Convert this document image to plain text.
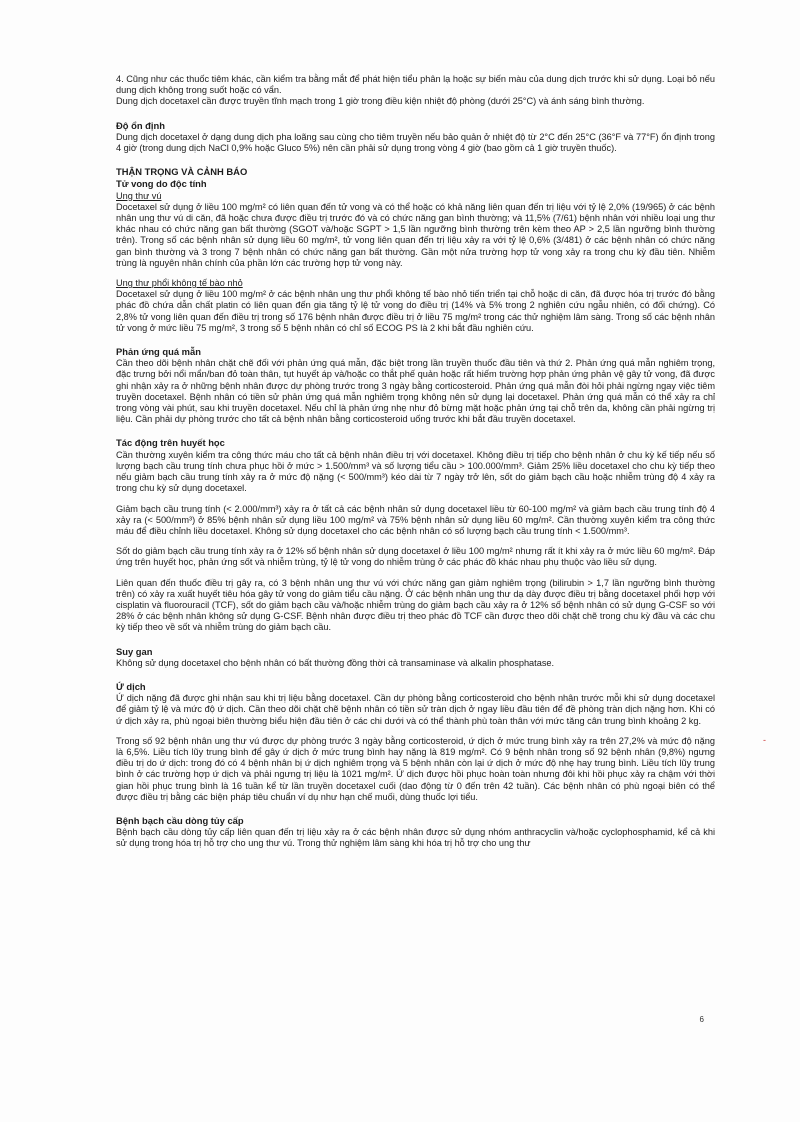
4. Cũng như các thuốc tiêm khác, cần kiểm tra bằng mắt để phát hiện tiểu phân lạ hoặc sự biến màu của dung dịch trước khi sử dụng. Loại bỏ nếu dung dịch không trong suốt hoặc có vẩn.

Dung dịch docetaxel cần được truyền tĩnh mạch trong 1 giờ trong điều kiện nhiệt độ phòng (dưới 25°C) và ánh sáng bình thường.

Độ ổn định

Dung dịch docetaxel ở dạng dung dịch pha loãng sau cùng cho tiêm truyền nếu bảo quản ở nhiệt độ từ 2°C đến 25°C (36°F và 77°F) ổn định trong 4 giờ (trong dung dịch NaCl 0,9% hoặc Gluco 5%) nên cần phải sử dụng trong vòng 4 giờ (bao gồm cả 1 giờ truyền thuốc).

THẬN TRỌNG VÀ CẢNH BÁO
Tử vong do độc tính
Ung thư vú

Docetaxel sử dụng ở liều 100 mg/m² có liên quan đến tử vong và có thể hoặc có khả năng liên quan đến trị liệu với tỷ lệ 2,0% (19/965) ở các bệnh nhân ung thư vú di căn, đã hoặc chưa được điều trị trước đó và có chức năng gan bình thường; và 11,5% (7/61) bệnh nhân với nhiều loại ung thư khác nhau có chức năng gan bất thường (SGOT và/hoặc SGPT > 1,5 lần ngưỡng bình thường trên kèm theo AP > 2,5 lần ngưỡng bình thường trên). Trong số các bệnh nhân sử dụng liều 60 mg/m², tử vong liên quan đến trị liệu xảy ra với tỷ lệ 0,6% (3/481) ở các bệnh nhân có chức năng gan bình thường và 3 trong 7 bệnh nhân có chức năng gan bất thường. Gần một nửa trường hợp tử vong xảy ra trong chu kỳ đầu tiên. Nhiễm trùng là nguyên nhân chính của phần lớn các trường hợp tử vong này.

Ung thư phổi không tế bào nhỏ

Docetaxel sử dụng ở liều 100 mg/m² ở các bệnh nhân ung thư phổi không tế bào nhỏ tiến triển tại chỗ hoặc di căn, đã được hóa trị trước đó bằng phác đồ chứa dẫn chất platin có liên quan đến gia tăng tỷ lệ tử vong do điều trị (14% và 5% trong 2 nghiên cứu ngẫu nhiên, có đối chứng). Có 2,8% tử vong liên quan đến điều trị trong số 176 bệnh nhân được điều trị ở liều 75 mg/m² trong các thử nghiệm lâm sàng. Trong số các bệnh nhân tử vong ở mức liều 75 mg/m², 3 trong số 5 bệnh nhân có chỉ số ECOG PS là 2 khi bắt đầu nghiên cứu.

Phản ứng quá mẫn

Cần theo dõi bệnh nhân chặt chẽ đối với phản ứng quá mẫn, đặc biệt trong lần truyền thuốc đầu tiên và thứ 2. Phản ứng quá mẫn nghiêm trọng, đặc trưng bởi nổi mẩn/ban đỏ toàn thân, tụt huyết áp và/hoặc co thắt phế quản hoặc rất hiếm trường hợp phản ứng phản vệ gây tử vong, đã được ghi nhận xảy ra ở những bệnh nhân được dự phòng trước trong 3 ngày bằng corticosteroid. Phản ứng quá mẫn đòi hỏi phải ngừng ngay việc tiêm truyền docetaxel. Bệnh nhân có tiền sử phản ứng quá mẫn nghiêm trọng không nên sử dụng lại docetaxel. Phản ứng quá mẫn có thể xảy ra chỉ trong vòng vài phút, sau khi truyền docetaxel. Nếu chỉ là phản ứng nhẹ như đỏ bừng mặt hoặc phản ứng tại chỗ trên da, không cần phải ngừng trị liệu. Cần phải dự phòng trước cho tất cả bệnh nhân bằng corticosteroid uống trước khi bắt đầu truyền docetaxel.

Tác động trên huyết học

Cần thường xuyên kiểm tra công thức máu cho tất cả bệnh nhân điều trị với docetaxel. Không điều trị tiếp cho bệnh nhân ở chu kỳ kế tiếp nếu số lượng bạch cầu trung tính chưa phục hồi ở mức > 1.500/mm³ và số lượng tiểu cầu > 100.000/mm³. Giảm 25% liều docetaxel cho chu kỳ tiếp theo nếu giảm bạch cầu trung tính xảy ra ở mức độ nặng (< 500/mm³) kéo dài từ 7 ngày trở lên, sốt do giảm bạch cầu hoặc nhiễm trùng độ 4 xảy ra trong chu kỳ sử dụng docetaxel.

Giảm bạch cầu trung tính (< 2.000/mm³) xảy ra ở tất cả các bệnh nhân sử dụng docetaxel liều từ 60-100 mg/m² và giảm bạch cầu trung tính độ 4 xảy ra (< 500/mm³) ở 85% bệnh nhân sử dụng liều 100 mg/m² và 75% bệnh nhân sử dụng liều 60 mg/m². Cần thường xuyên kiểm tra công thức máu để điều chỉnh liều docetaxel. Không sử dụng docetaxel cho các bệnh nhân có số lượng bạch cầu trung tính < 1.500/mm³.

Sốt do giảm bạch cầu trung tính xảy ra ở 12% số bệnh nhân sử dụng docetaxel ở liều 100 mg/m² nhưng rất ít khi xảy ra ở mức liều 60 mg/m². Đáp ứng trên huyết học, phản ứng sốt và nhiễm trùng, tỷ lệ tử vong do nhiễm trùng ở các phác đồ khác nhau phụ thuộc vào liều sử dụng.

Liên quan đến thuốc điều trị gây ra, có 3 bệnh nhân ung thư vú với chức năng gan giảm nghiêm trọng (bilirubin > 1,7 lần ngưỡng bình thường trên) có xảy ra xuất huyết tiêu hóa gây tử vong do giảm tiểu cầu nặng. Ở các bệnh nhân ung thư dạ dày được điều trị bằng docetaxel phối hợp với cisplatin và fluorouracil (TCF), sốt do giảm bạch cầu và/hoặc nhiễm trùng do giảm bạch cầu xảy ra ở 12% số bệnh nhân có sử dụng G-CSF so với 28% ở các bệnh nhân không sử dụng G-CSF. Bệnh nhân được điều trị theo phác đồ TCF cần được theo dõi chặt chẽ trong chu kỳ đầu và các chu kỳ tiếp theo về sốt và nhiễm trùng do giảm bạch cầu.

Suy gan

Không sử dụng docetaxel cho bệnh nhân có bất thường đồng thời cả transaminase và alkalin phosphatase.

Ứ dịch

Ứ dịch nặng đã được ghi nhận sau khi trị liệu bằng docetaxel. Cần dự phòng bằng corticosteroid cho bệnh nhân trước mỗi khi sử dụng docetaxel để giảm tỷ lệ và mức độ ứ dịch. Cần theo dõi chặt chẽ bệnh nhân có tiền sử tràn dịch ở ngay liều đầu tiên để đề phòng tràn dịch nặng hơn. Khi có ứ dịch xảy ra, phù ngoại biên thường biểu hiện đầu tiên ở các chi dưới và có thể thành phù toàn thân với mức tăng cân trung bình khoảng 2 kg.

Trong số 92 bệnh nhân ung thư vú được dự phòng trước 3 ngày bằng corticosteroid, ứ dịch ở mức trung bình xảy ra trên 27,2% và mức độ nặng là 6,5%. Liều tích lũy trung bình để gây ứ dịch ở mức trung bình hay nặng là 819 mg/m². Có 9 bệnh nhân trong số 92 bệnh nhân (9,8%) ngưng điều trị do ứ dịch: trong đó có 4 bệnh nhân bị ứ dịch nghiêm trọng và 5 bệnh nhân còn lại ứ dịch ở mức độ nhẹ hay trung bình. Liều tích lũy trung bình ở các trường hợp ứ dịch và phải ngưng trị liệu là 1021 mg/m². Ứ dịch được hồi phục hoàn toàn nhưng đôi khi hồi phục xảy ra chậm với thời gian hồi phục trung bình là 16 tuần kể từ lần truyền docetaxel cuối (dao động từ 0 đến trên 42 tuần). Các bệnh nhân có phù ngoại biên có thể được điều trị bằng các biện pháp tiêu chuẩn ví dụ như hạn chế muối, dùng thuốc lợi tiểu.

Bệnh bạch cầu dòng tủy cấp

Bệnh bạch cầu dòng tủy cấp liên quan đến trị liệu xảy ra ở các bệnh nhân được sử dụng nhóm anthracyclin và/hoặc cyclophosphamid, kể cả khi sử dụng trong hóa trị hỗ trợ cho ung thư vú. Trong thử nghiệm lâm sàng khi hóa trị hỗ trợ cho ung thư

6
-
